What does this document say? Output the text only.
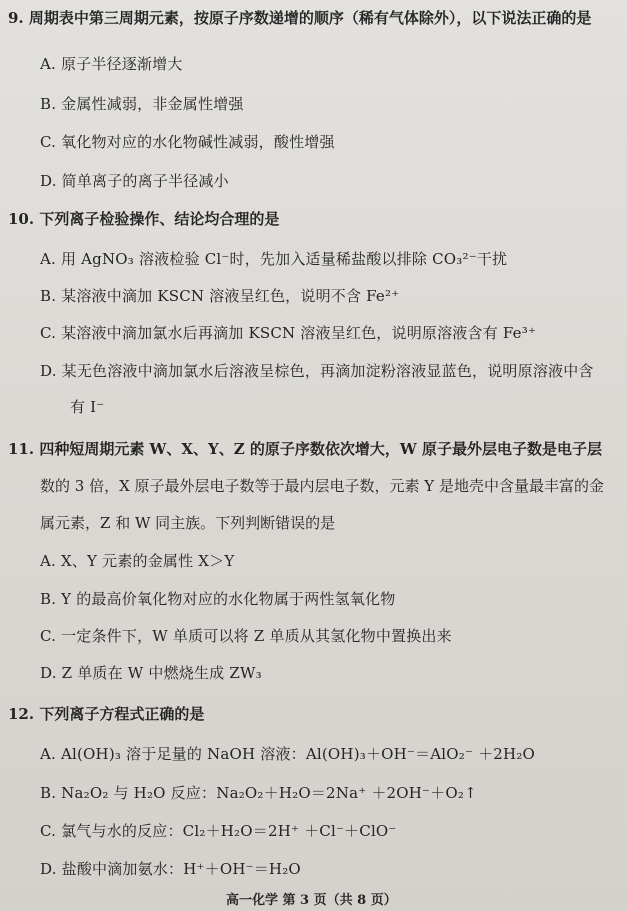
9. 周期表中第三周期元素，按原子序数递增的顺序（稀有气体除外），以下说法正确的是
A. 原子半径逐渐增大
B. 金属性减弱，非金属性增强
C. 氧化物对应的水化物碱性减弱，酸性增强
D. 简单离子的离子半径减小
10. 下列离子检验操作、结论均合理的是
A. 用 AgNO₃ 溶液检验 Cl⁻时，先加入适量稀盐酸以排除 CO₃²⁻干扰
B. 某溶液中滴加 KSCN 溶液呈红色，说明不含 Fe²⁺
C. 某溶液中滴加氯水后再滴加 KSCN 溶液呈红色，说明原溶液含有 Fe³⁺
D. 某无色溶液中滴加氯水后溶液呈棕色，再滴加淀粉溶液显蓝色，说明原溶液中含
有 I⁻
11. 四种短周期元素 W、X、Y、Z 的原子序数依次增大，W 原子最外层电子数是电子层
数的 3 倍，X 原子最外层电子数等于最内层电子数，元素 Y 是地壳中含量最丰富的金
属元素，Z 和 W 同主族。下列判断错误的是
A. X、Y 元素的金属性 X＞Y
B. Y 的最高价氧化物对应的水化物属于两性氢氧化物
C. 一定条件下，W 单质可以将 Z 单质从其氢化物中置换出来
D. Z 单质在 W 中燃烧生成 ZW₃
12. 下列离子方程式正确的是
A. Al(OH)₃ 溶于足量的 NaOH 溶液：Al(OH)₃＋OH⁻＝AlO₂⁻ ＋2H₂O
B. Na₂O₂ 与 H₂O 反应：Na₂O₂＋H₂O＝2Na⁺ ＋2OH⁻＋O₂↑
C. 氯气与水的反应：Cl₂＋H₂O＝2H⁺ ＋Cl⁻＋ClO⁻
D. 盐酸中滴加氨水：H⁺＋OH⁻＝H₂O
高一化学 第 3 页（共 8 页）
